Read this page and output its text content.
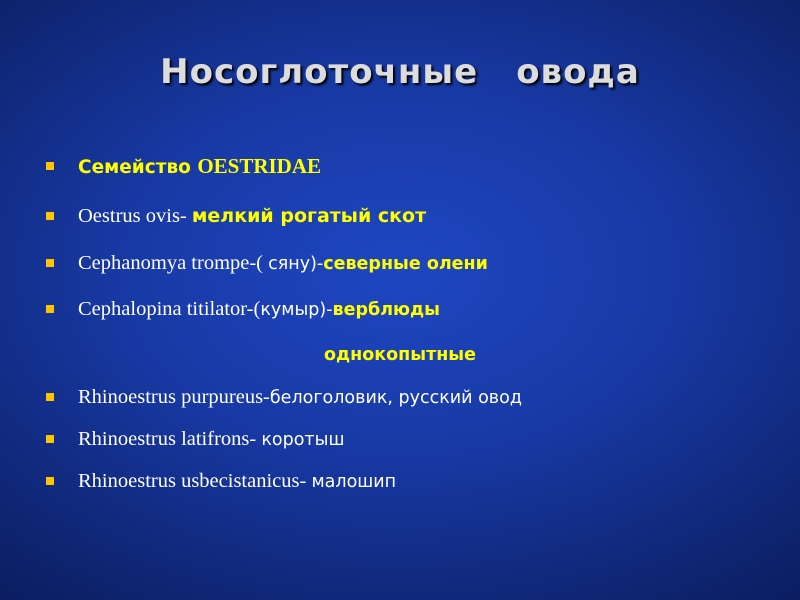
Носоглоточные овода
Семейство OESTRIDAE
Oestrus ovis- мелкий рогатый скот
Cephanomya trompe-( сяну)-северные олени
Cephalopina titilator-(кумыр)-верблюды
однокопытные
Rhinoestrus purpureus-белоголовик, русский овод
Rhinoestrus latifrons- коротыш
Rhinoestrus usbecistanicus- малошип
